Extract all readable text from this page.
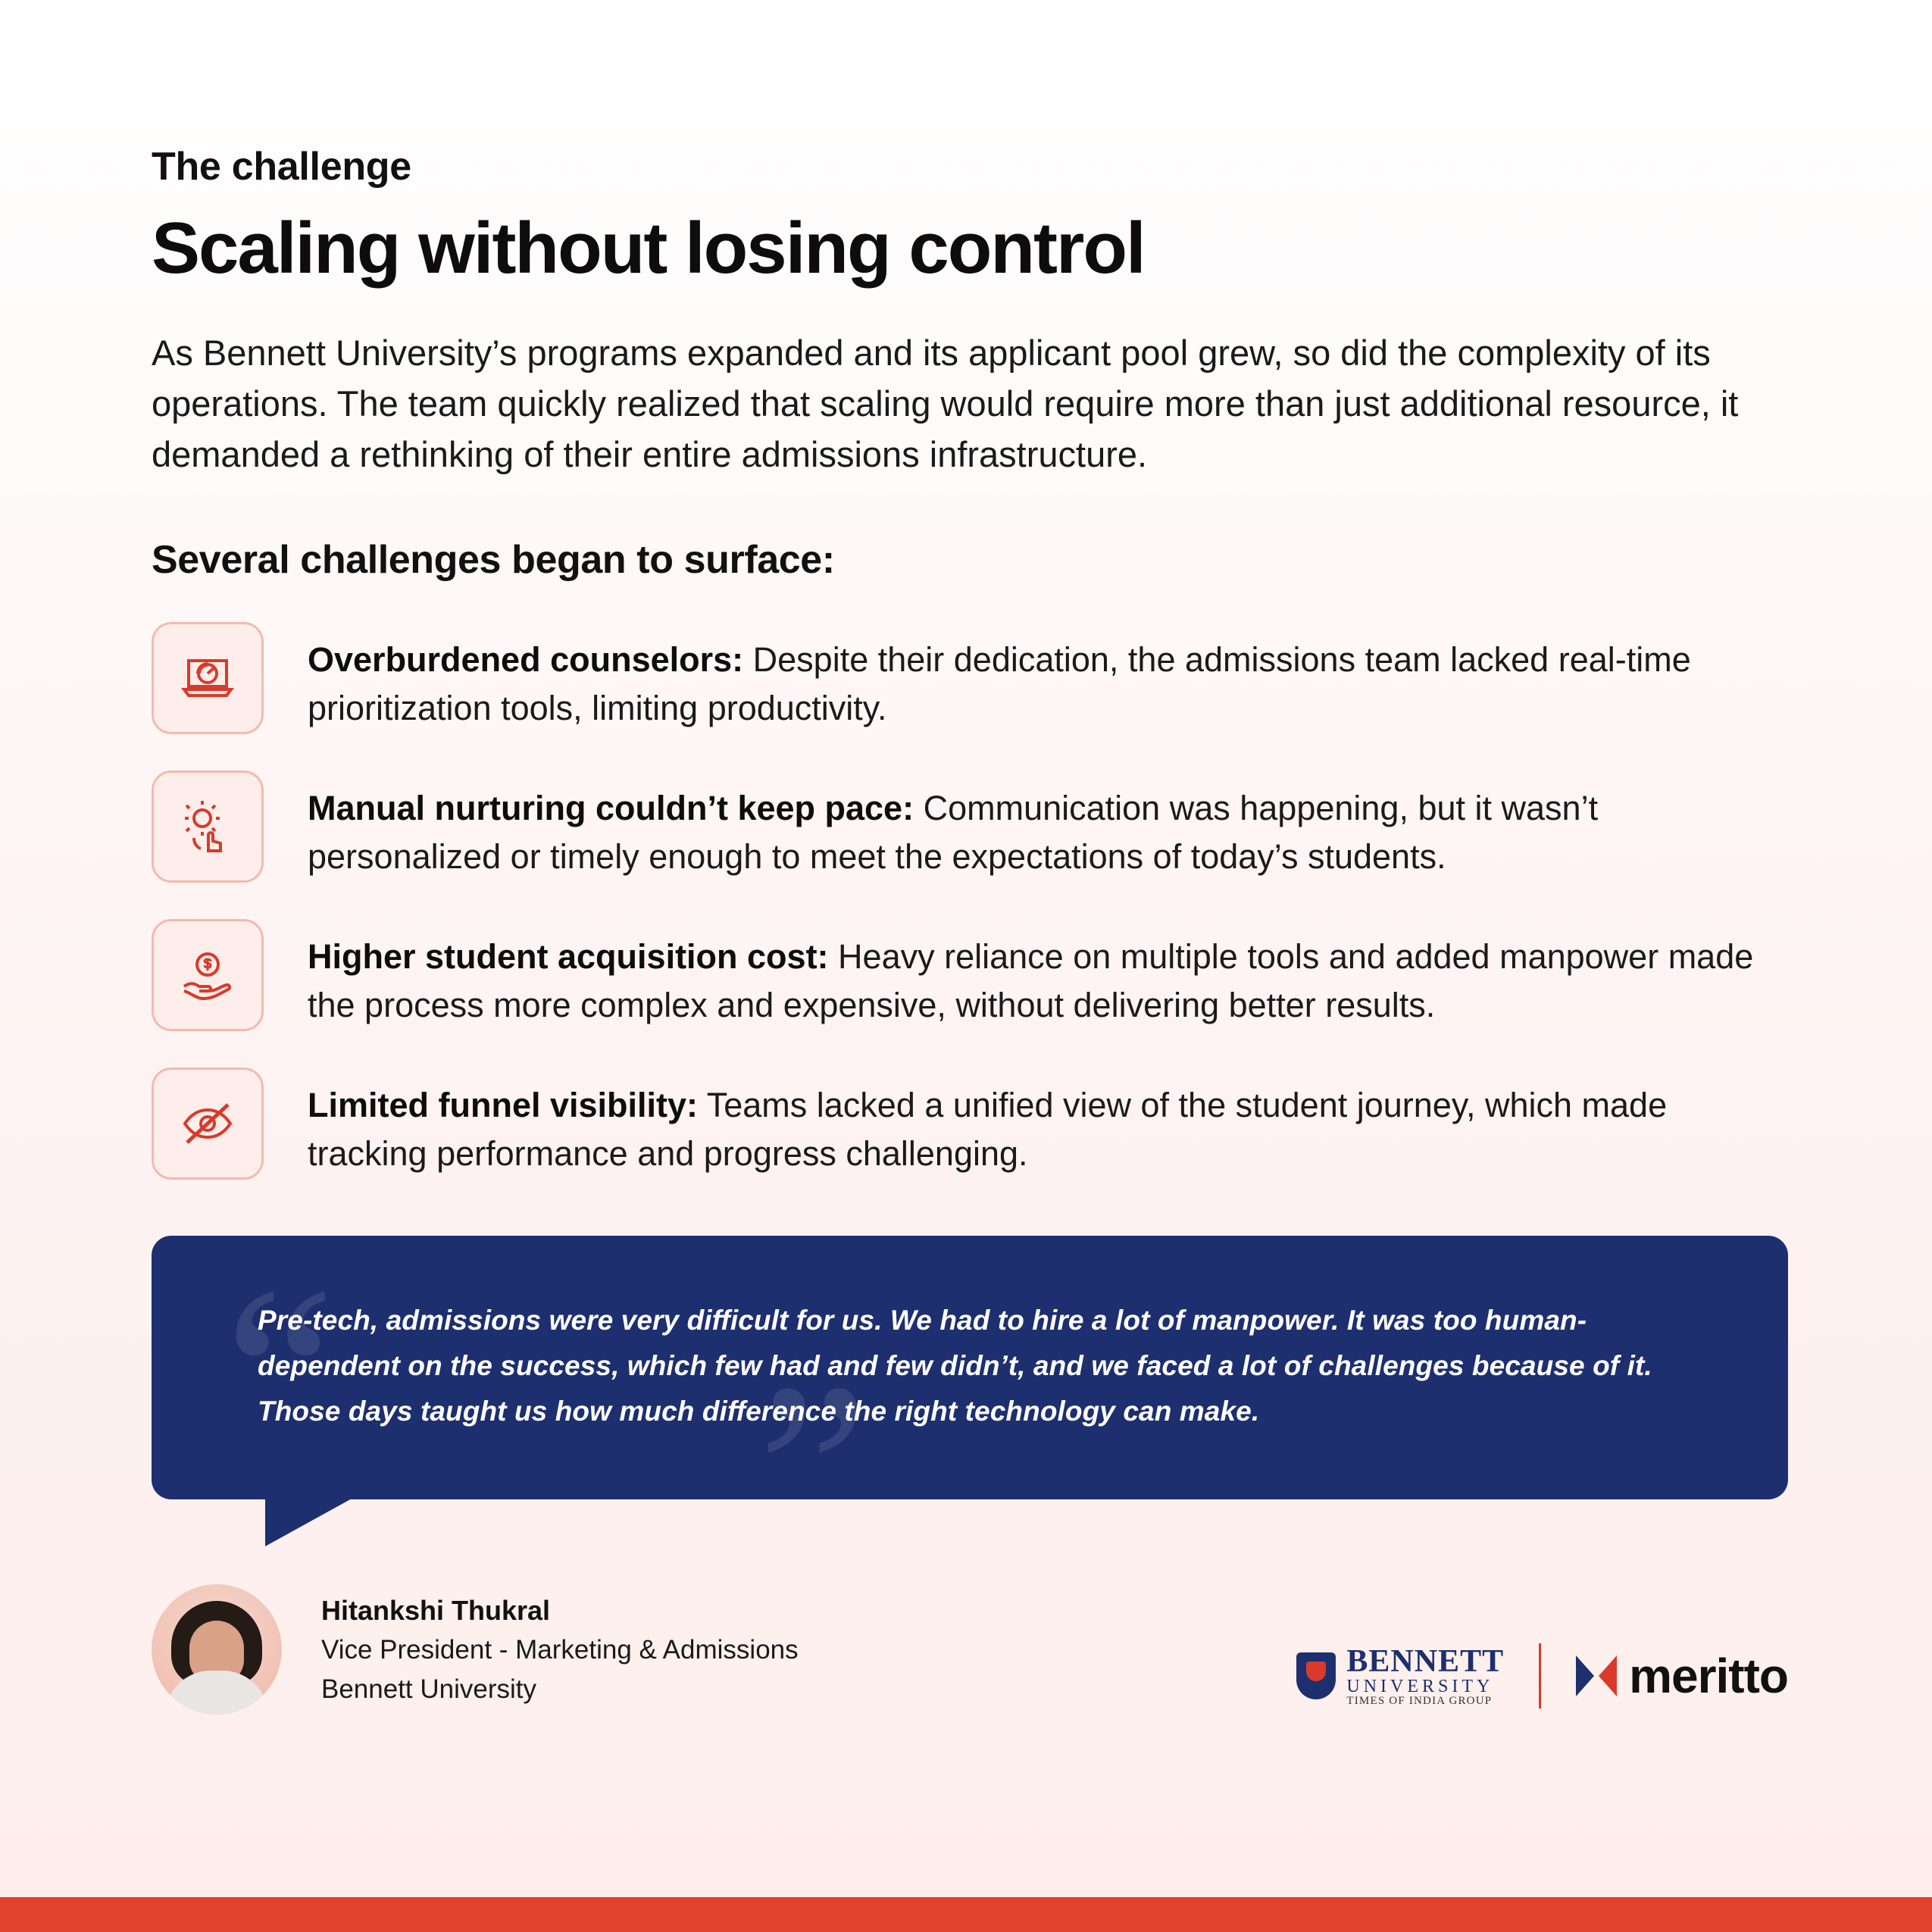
The challenge
Scaling without losing control

As Bennett University’s programs expanded and its applicant pool grew, so did the complexity of its operations. The team quickly realized that scaling would require more than just additional resource, it demanded a rethinking of their entire admissions infrastructure.

Several challenges began to surface:
Overburdened counselors: Despite their dedication, the admissions team lacked real-time prioritization tools, limiting productivity.
Manual nurturing couldn’t keep pace: Communication was happening, but it wasn’t personalized or timely enough to meet the expectations of today’s students.
Higher student acquisition cost: Heavy reliance on multiple tools and added manpower made the process more complex and expensive, without delivering better results.
Limited funnel visibility: Teams lacked a unified view of the student journey, which made tracking performance and progress challenging.
“ ”
Pre-tech, admissions were very difficult for us. We had to hire a lot of manpower. It was too human-dependent on the success, which few had and few didn’t, and we faced a lot of challenges because of it. Those days taught us how much difference the right technology can make.
Hitankshi Thukral
Vice President - Marketing & Admissions
Bennett University
BENNETT
UNIVERSITY
TIMES OF INDIA GROUP	meritto
